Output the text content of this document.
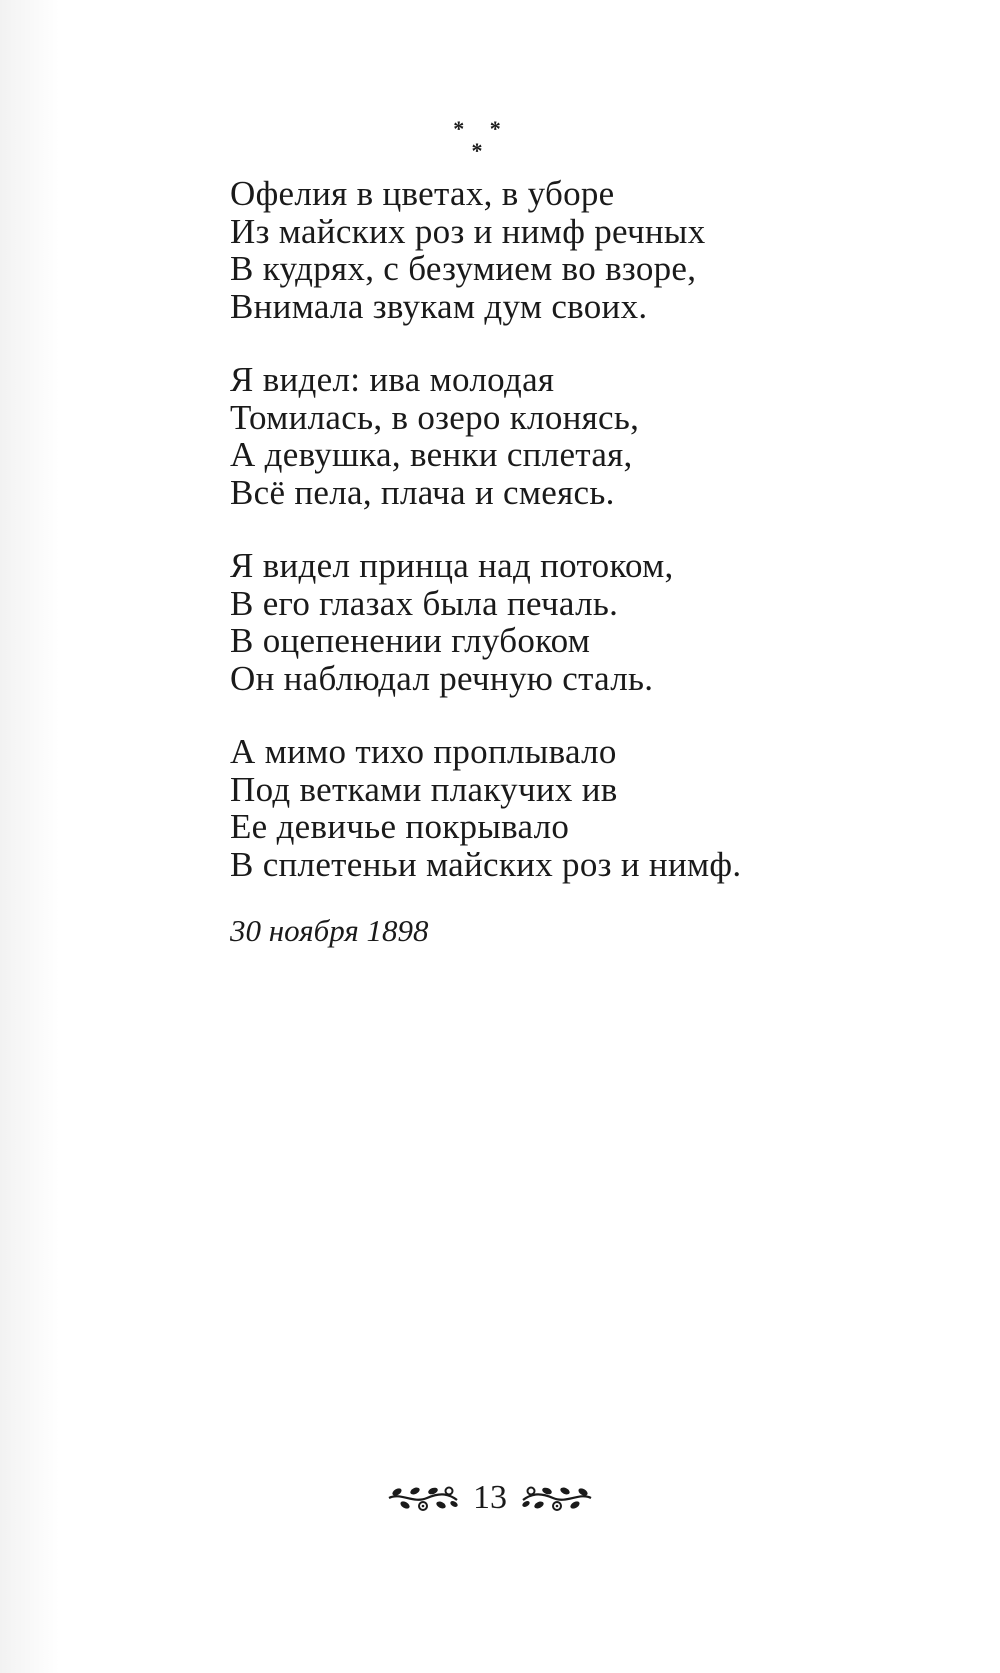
* * *
Офелия в цветах, в уборе
Из майских роз и нимф речных
В кудрях, с безумием во взоре,
Внимала звукам дум своих.
Я видел: ива молодая
Томилась, в озеро клонясь,
А девушка, венки сплетая,
Всё пела, плача и смеясь.
Я видел принца над потоком,
В его глазах была печаль.
В оцепенении глубоком
Он наблюдал речную сталь.
А мимо тихо проплывало
Под ветками плакучих ив
Ее девичье покрывало
В сплетеньи майских роз и нимф.
30 ноября 1898
13
